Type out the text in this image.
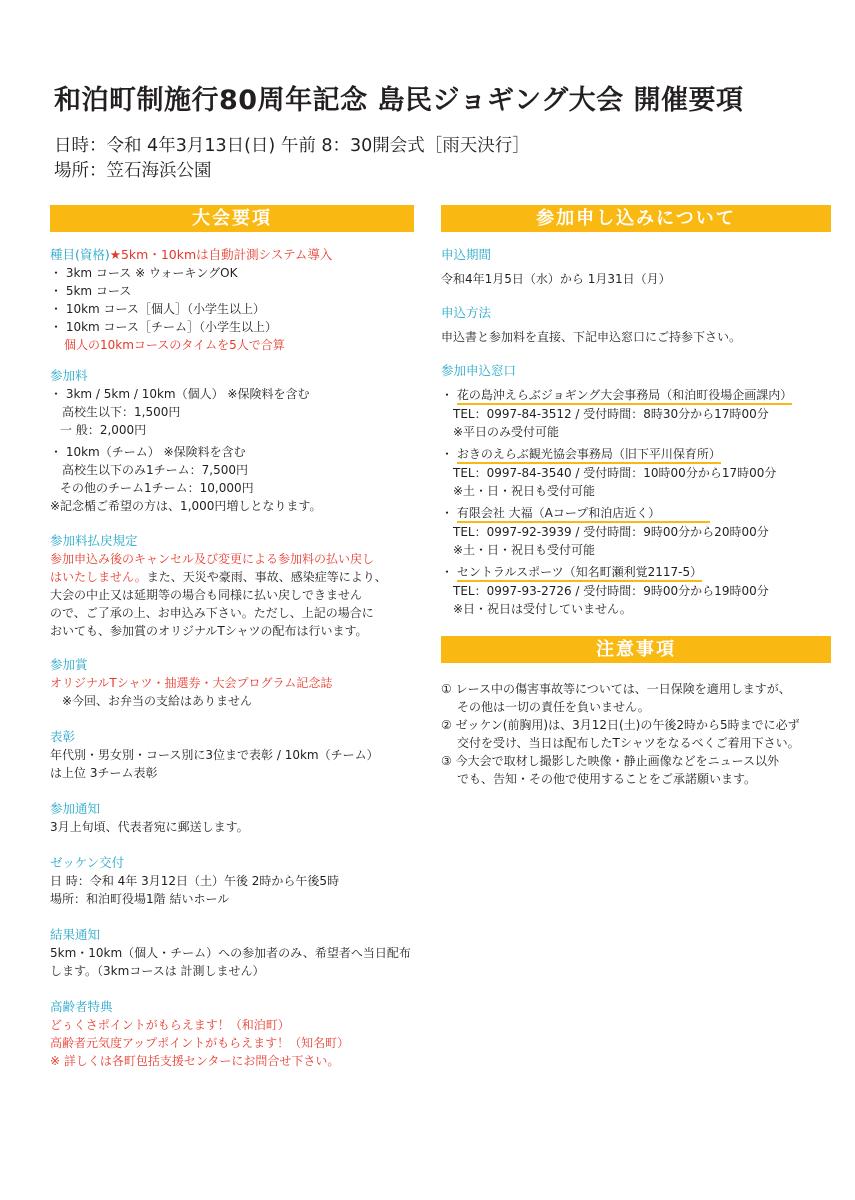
和泊町制施行80周年記念 島民ジョギング大会 開催要項
日時：令和 4年3月13日(日) 午前 8：30開会式［雨天決行］
場所：笠石海浜公園
大会要項	参加申し込みについて
種目(資格)★5km・10kmは自動計測システム導入
・ 3km コース ※ ウォーキングOK
・ 5km コース
・ 10km コース［個人］（小学生以上）
・ 10km コース［チーム］（小学生以上）
個人の10kmコースのタイムを5人で合算
参加料
・ 3km / 5km / 10km（個人） ※保険料を含む
高校生以下：1,500円
一 般：2,000円
・ 10km（チーム） ※保険料を含む
高校生以下のみ1チーム：7,500円
その他のチーム1チーム：10,000円
※記念楯ご希望の方は、1,000円増しとなります。
参加料払戻規定
参加申込み後のキャンセル及び変更による参加料の払い戻し
はいたしません。また、天災や豪雨、事故、感染症等により、
大会の中止又は延期等の場合も同様に払い戻しできません
ので、ご了承の上、お申込み下さい。ただし、上記の場合に
おいても、参加賞のオリジナルTシャツの配布は行います。
参加賞
オリジナルTシャツ・抽選券・大会プログラム記念誌
※今回、お弁当の支給はありません
表彰
年代別・男女別・コース別に3位まで表彰 / 10km（チーム）
は上位 3チーム表彰
参加通知
3月上旬頃、代表者宛に郵送します。
ゼッケン交付
日 時：令和 4年 3月12日（土）午後 2時から午後5時
場所：和泊町役場1階 結いホール
結果通知
5km・10km（個人・チーム）への参加者のみ、希望者へ当日配布
します。（3kmコースは 計測しません）
高齢者特典
どぅくさポイントがもらえます！（和泊町）
高齢者元気度アップポイントがもらえます！（知名町）
※ 詳しくは各町包括支援センターにお問合せ下さい。
申込期間
令和4年1月5日（水）から 1月31日（月）
申込方法
申込書と参加料を直接、下記申込窓口にご持参下さい。
参加申込窓口
・ 花の島沖えらぶジョギング大会事務局（和泊町役場企画課内）
TEL：0997-84-3512 / 受付時間：8時30分から17時00分
※平日のみ受付可能
・ おきのえらぶ観光協会事務局（旧下平川保育所）
TEL：0997-84-3540 / 受付時間：10時00分から17時00分
※土・日・祝日も受付可能
・ 有限会社 大福（Aコープ和泊店近く）
TEL：0997-92-3939 / 受付時間：9時00分から20時00分
※土・日・祝日も受付可能
・ セントラルスポーツ（知名町瀬利覚2117-5）
TEL：0997-93-2726 / 受付時間：9時00分から19時00分
※日・祝日は受付していません。
注意事項
① レース中の傷害事故等については、一日保険を適用しますが、
その他は一切の責任を負いません。
② ゼッケン(前胸用)は、3月12日(土)の午後2時から5時までに必ず
交付を受け、当日は配布したTシャツをなるべくご着用下さい。
③ 今大会で取材し撮影した映像・静止画像などをニュース以外
でも、告知・その他で使用することをご承諾願います。
